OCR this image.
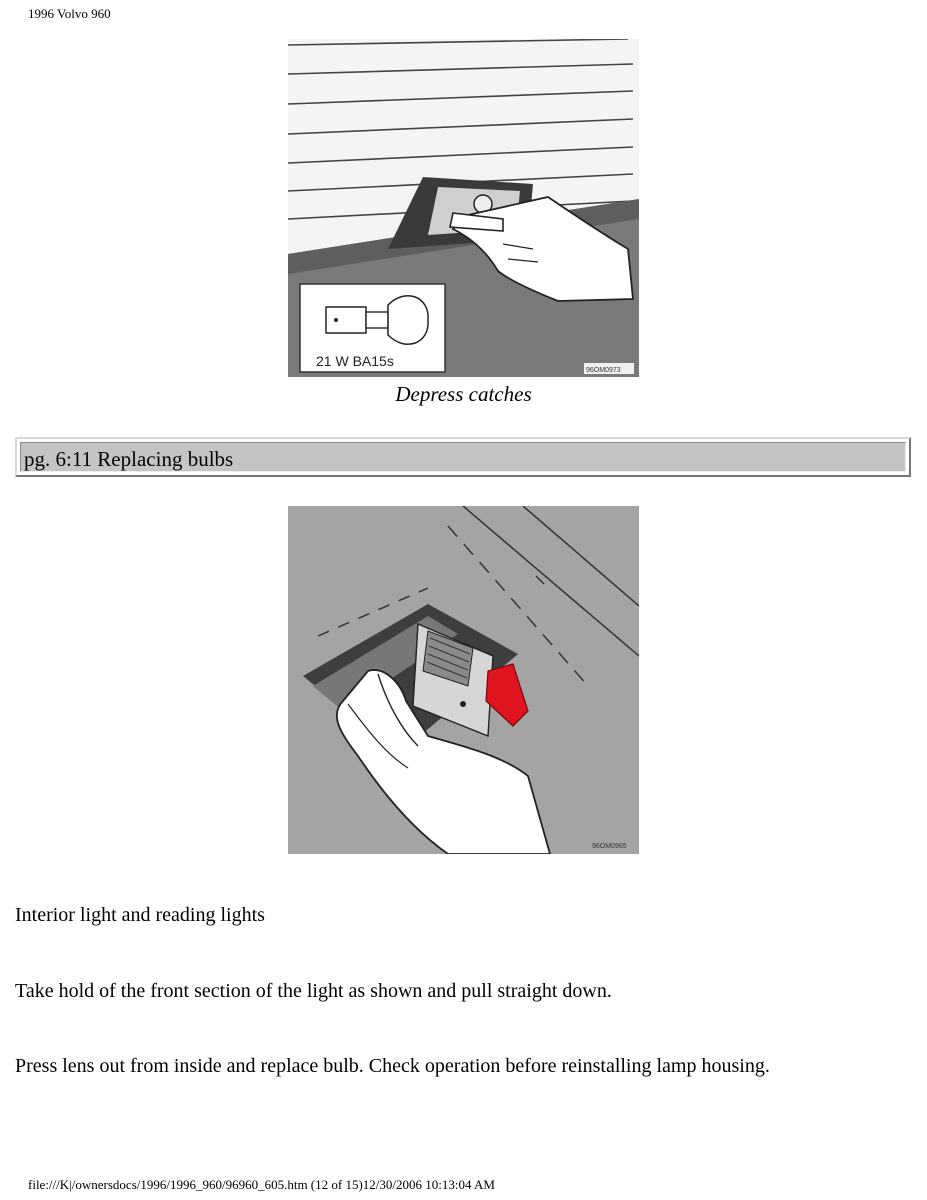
1996 Volvo 960
21 W BA15s
96OM0973
Depress catches
pg. 6:11 Replacing bulbs
96OM0965
Interior light and reading lights
Take hold of the front section of the light as shown and pull straight down.
Press lens out from inside and replace bulb. Check operation before reinstalling lamp housing.
file:///K|/ownersdocs/1996/1996_960/96960_605.htm (12 of 15)12/30/2006 10:13:04 AM
